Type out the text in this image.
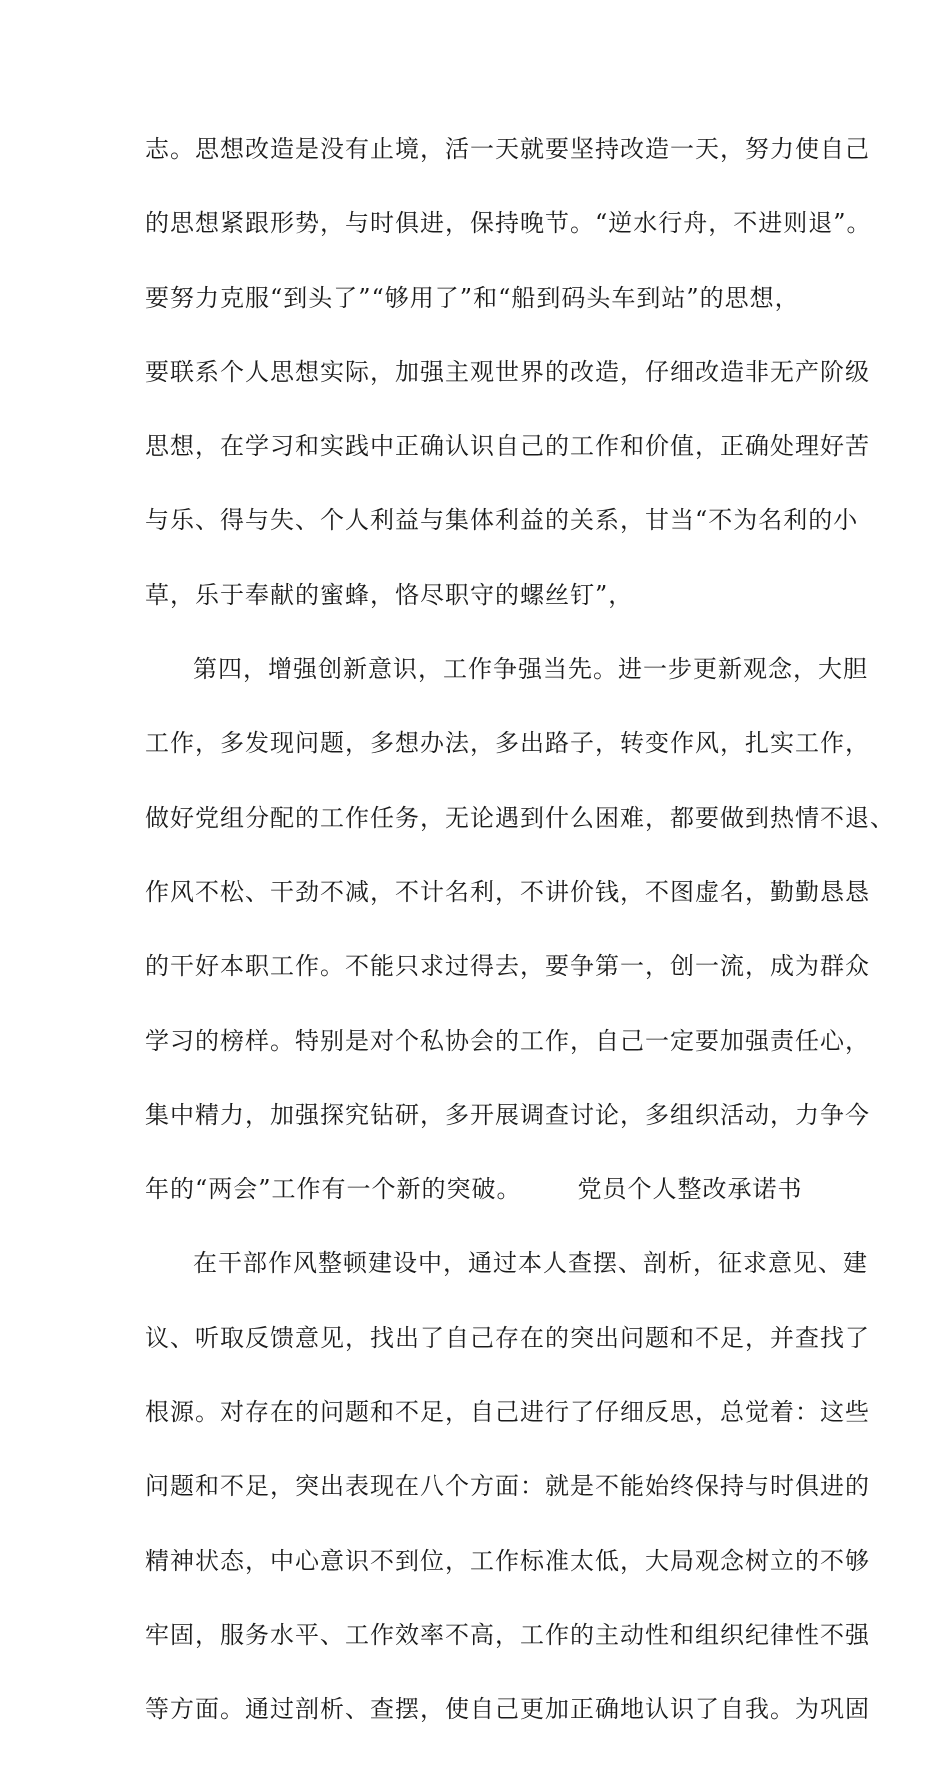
志。思想改造是没有止境，活一天就要坚持改造一天，努力使自己
的思想紧跟形势，与时俱进，保持晚节。“逆水行舟，不进则退”。
要努力克服“到头了”“够用了”和“船到码头车到站”的思想，
要联系个人思想实际，加强主观世界的改造，仔细改造非无产阶级
思想，在学习和实践中正确认识自己的工作和价值，正确处理好苦
与乐、得与失、个人利益与集体利益的关系，甘当“不为名利的小
草，乐于奉献的蜜蜂，恪尽职守的螺丝钉”，
第四，增强创新意识，工作争强当先。进一步更新观念，大胆
工作，多发现问题，多想办法，多出路子，转变作风，扎实工作，
做好党组分配的工作任务，无论遇到什么困难，都要做到热情不退、
作风不松、干劲不减，不计名利，不讲价钱，不图虚名，勤勤恳恳
的干好本职工作。不能只求过得去，要争第一，创一流，成为群众
学习的榜样。特别是对个私协会的工作，自己一定要加强责任心，
集中精力，加强探究钻研，多开展调查讨论，多组织活动，力争今
年的“两会”工作有一个新的突破。 党员个人整改承诺书
在干部作风整顿建设中，通过本人查摆、剖析，征求意见、建
议、听取反馈意见，找出了自己存在的突出问题和不足，并查找了
根源。对存在的问题和不足，自己进行了仔细反思，总觉着：这些
问题和不足，突出表现在八个方面：就是不能始终保持与时俱进的
精神状态，中心意识不到位，工作标准太低，大局观念树立的不够
牢固，服务水平、工作效率不高，工作的主动性和组织纪律性不强
等方面。通过剖析、查摆，使自己更加正确地认识了自我。为巩固
